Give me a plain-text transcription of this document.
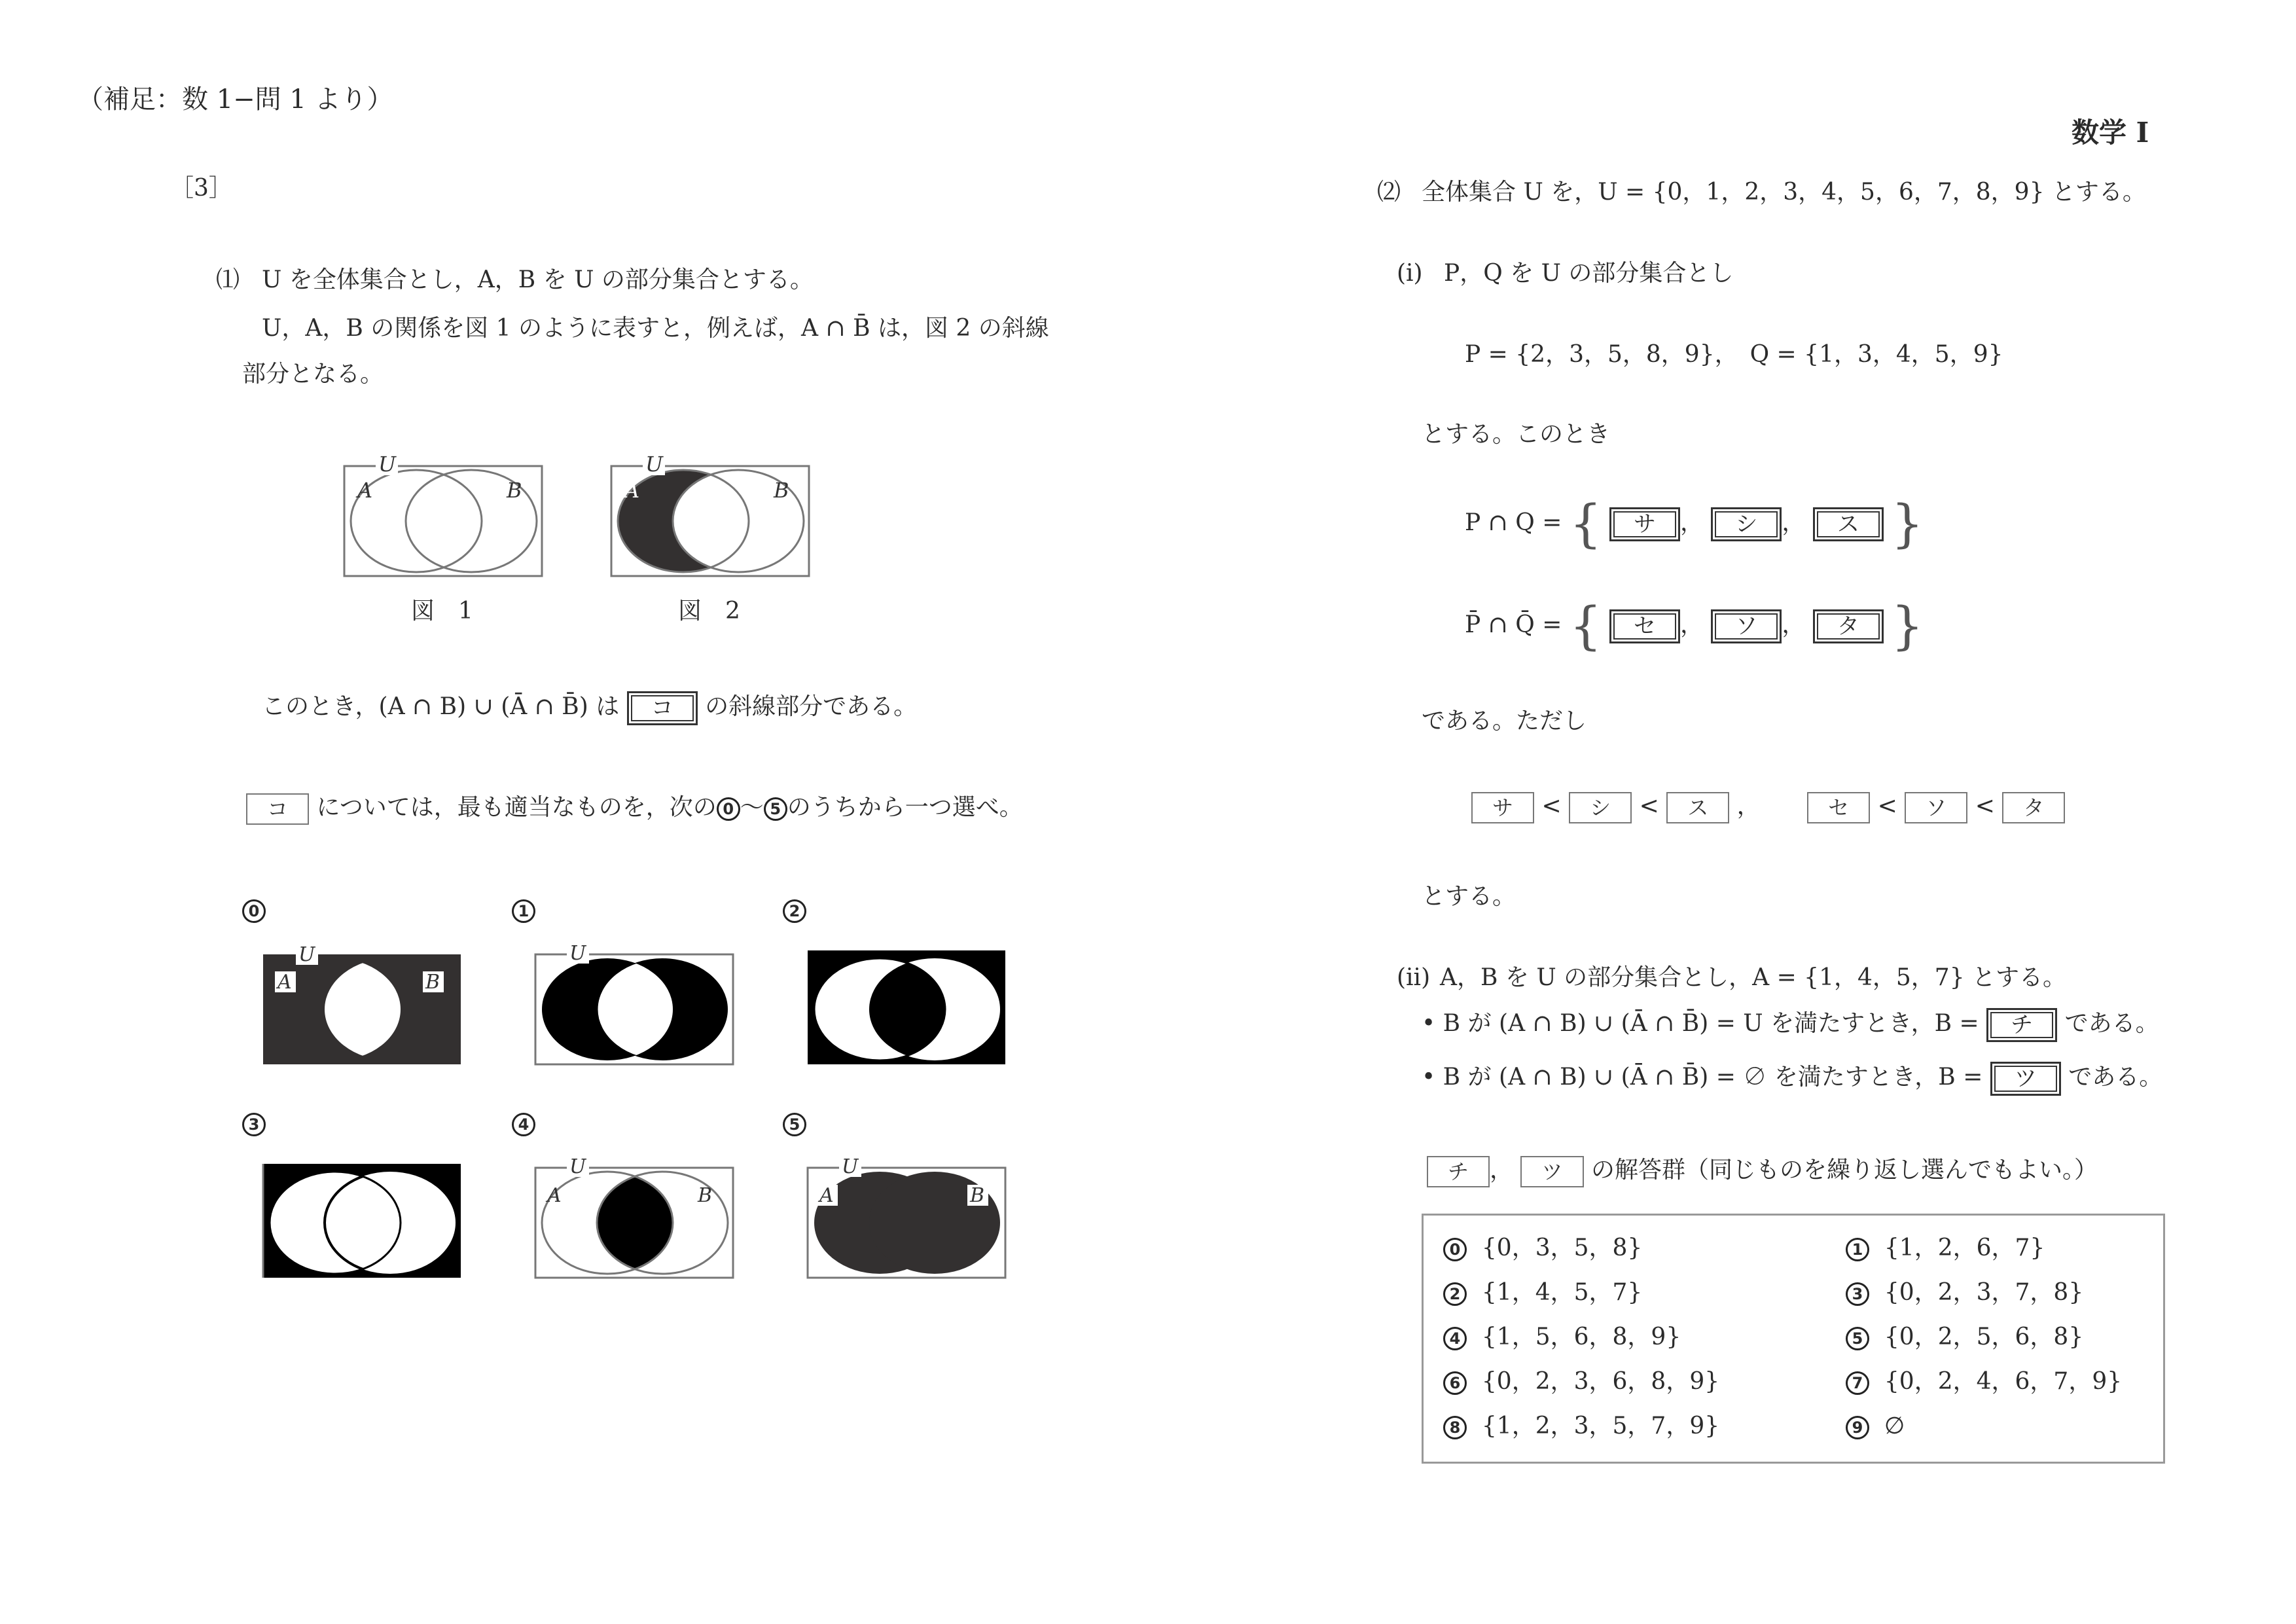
（補足：数 1−問 1 より）
数学 I
［3］
⑴ U を全体集合とし，A，B を U の部分集合とする。
U，A，B の関係を図 1 のように表すと，例えば，A ∩ B̄ は，図 2 の斜線
部分となる。
U
A	B
図　1
U
A	B
図　2
このとき，(A ∩ B) ∪ (Ā ∩ B̄) は コ の斜線部分である。
コ については，最も適当なものを，次の 0 ～ 5 のうちから一つ選べ。
0	1	2
3	4	5
U
A	B
U
U
A	B
U
A	B
⑵ 全体集合 U を，U = {0，1，2，3，4，5，6，7，8，9} とする。
(i) P，Q を U の部分集合とし
P = {2，3，5，8，9}，　Q = {1，3，4，5，9}
とする。このとき
P ∩ Q = { サ ， シ ， ス }
P̄ ∩ Q̄ = { セ ， ソ ， タ }
である。ただし
サ < シ < ス ，	セ < ソ < タ
とする。
(ii) A，B を U の部分集合とし，A = {1，4，5，7} とする。
• B が (A ∩ B) ∪ (Ā ∩ B̄) = U を満たすとき，B = チ である。
• B が (A ∩ B) ∪ (Ā ∩ B̄) = ∅ を満たすとき，B = ツ である。
チ ， ツ の解答群（同じものを繰り返し選んでもよい。）
0 {0，3，5，8}	1 {1，2，6，7}
2 {1，4，5，7}	3 {0，2，3，7，8}
4 {1，5，6，8，9}	5 {0，2，5，6，8}
6 {0，2，3，6，8，9}	7 {0，2，4，6，7，9}
8 {1，2，3，5，7，9}	9 ∅
